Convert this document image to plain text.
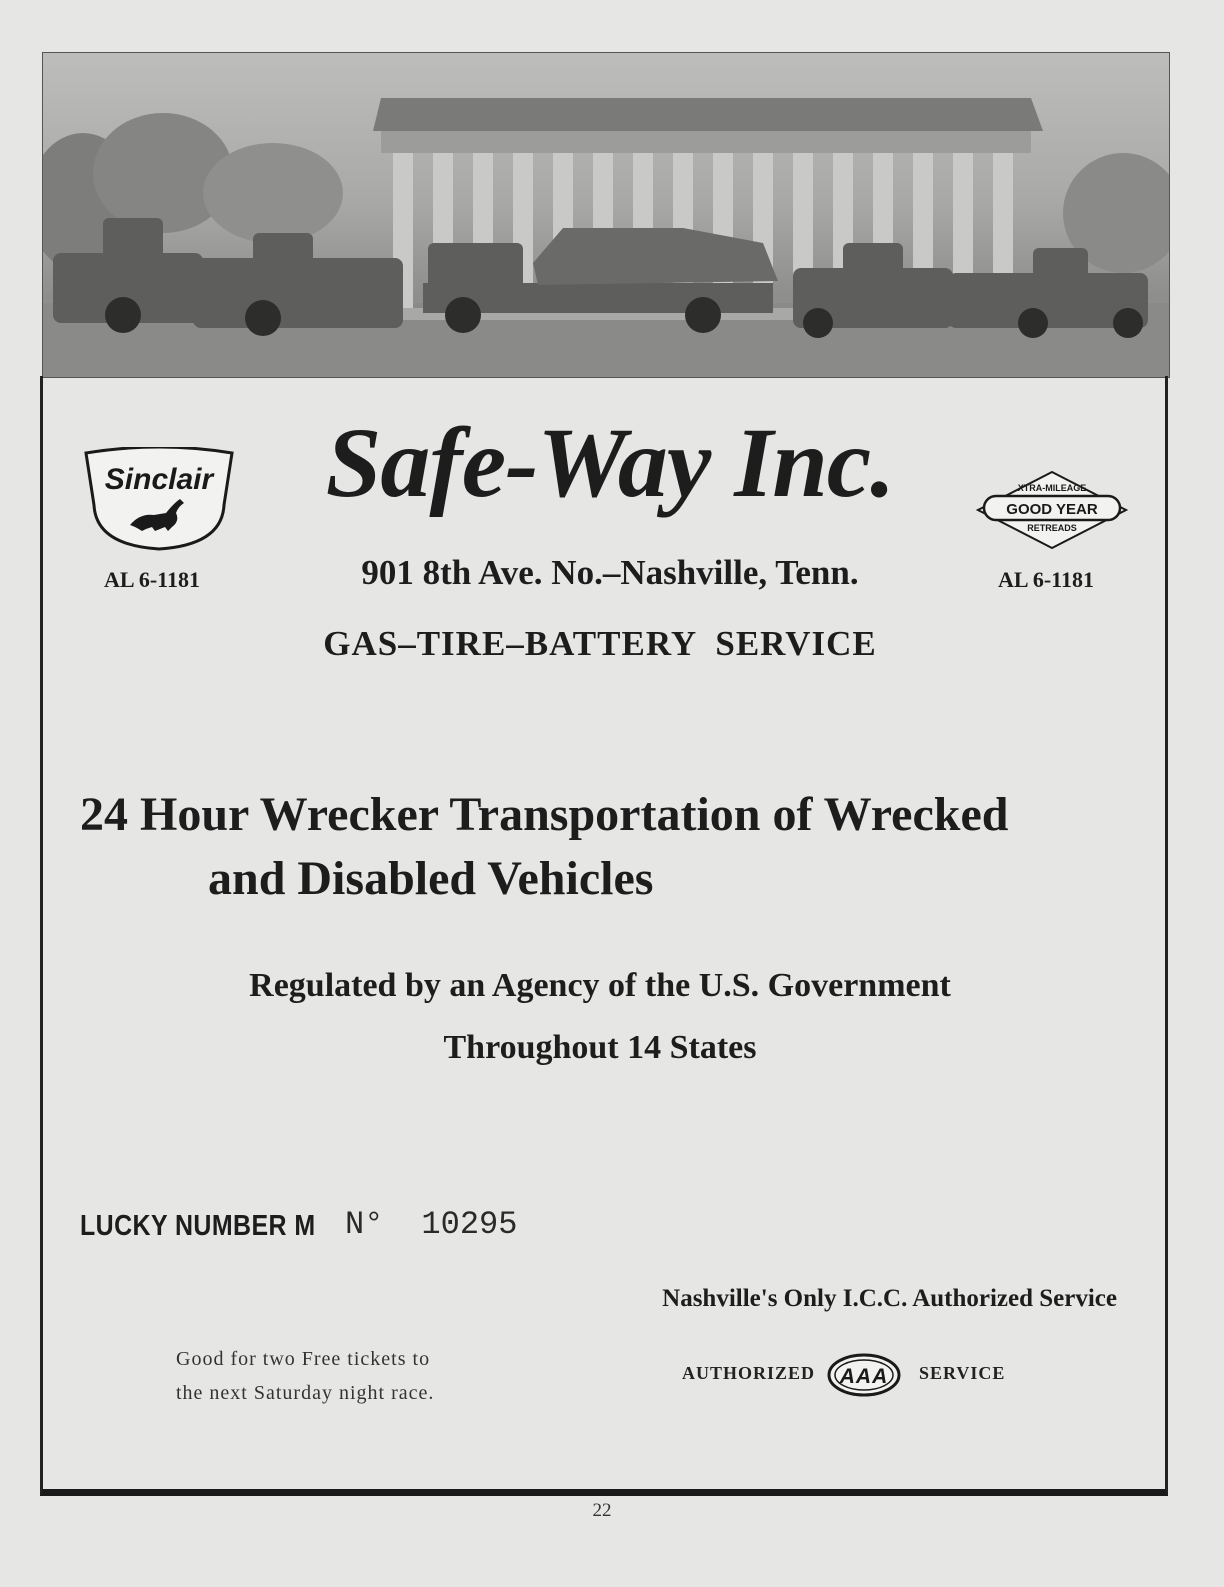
Sinclair
AL 6-1181
XTRA-MILEAGE
GOOD YEAR
RETREADS
AL 6-1181
Safe-Way Inc.
901 8th Ave. No.–Nashville, Tenn.
GAS–TIRE–BATTERY  SERVICE
24 Hour Wrecker Transportation of Wrecked
and Disabled Vehicles
Regulated by an Agency of the U.S. Government
Throughout 14 States
LUCKY NUMBER M N° 10295
Nashville's Only I.C.C. Authorized Service
Good for two Free tickets to
the next Saturday night race.
AUTHORIZED AAA SERVICE
22
